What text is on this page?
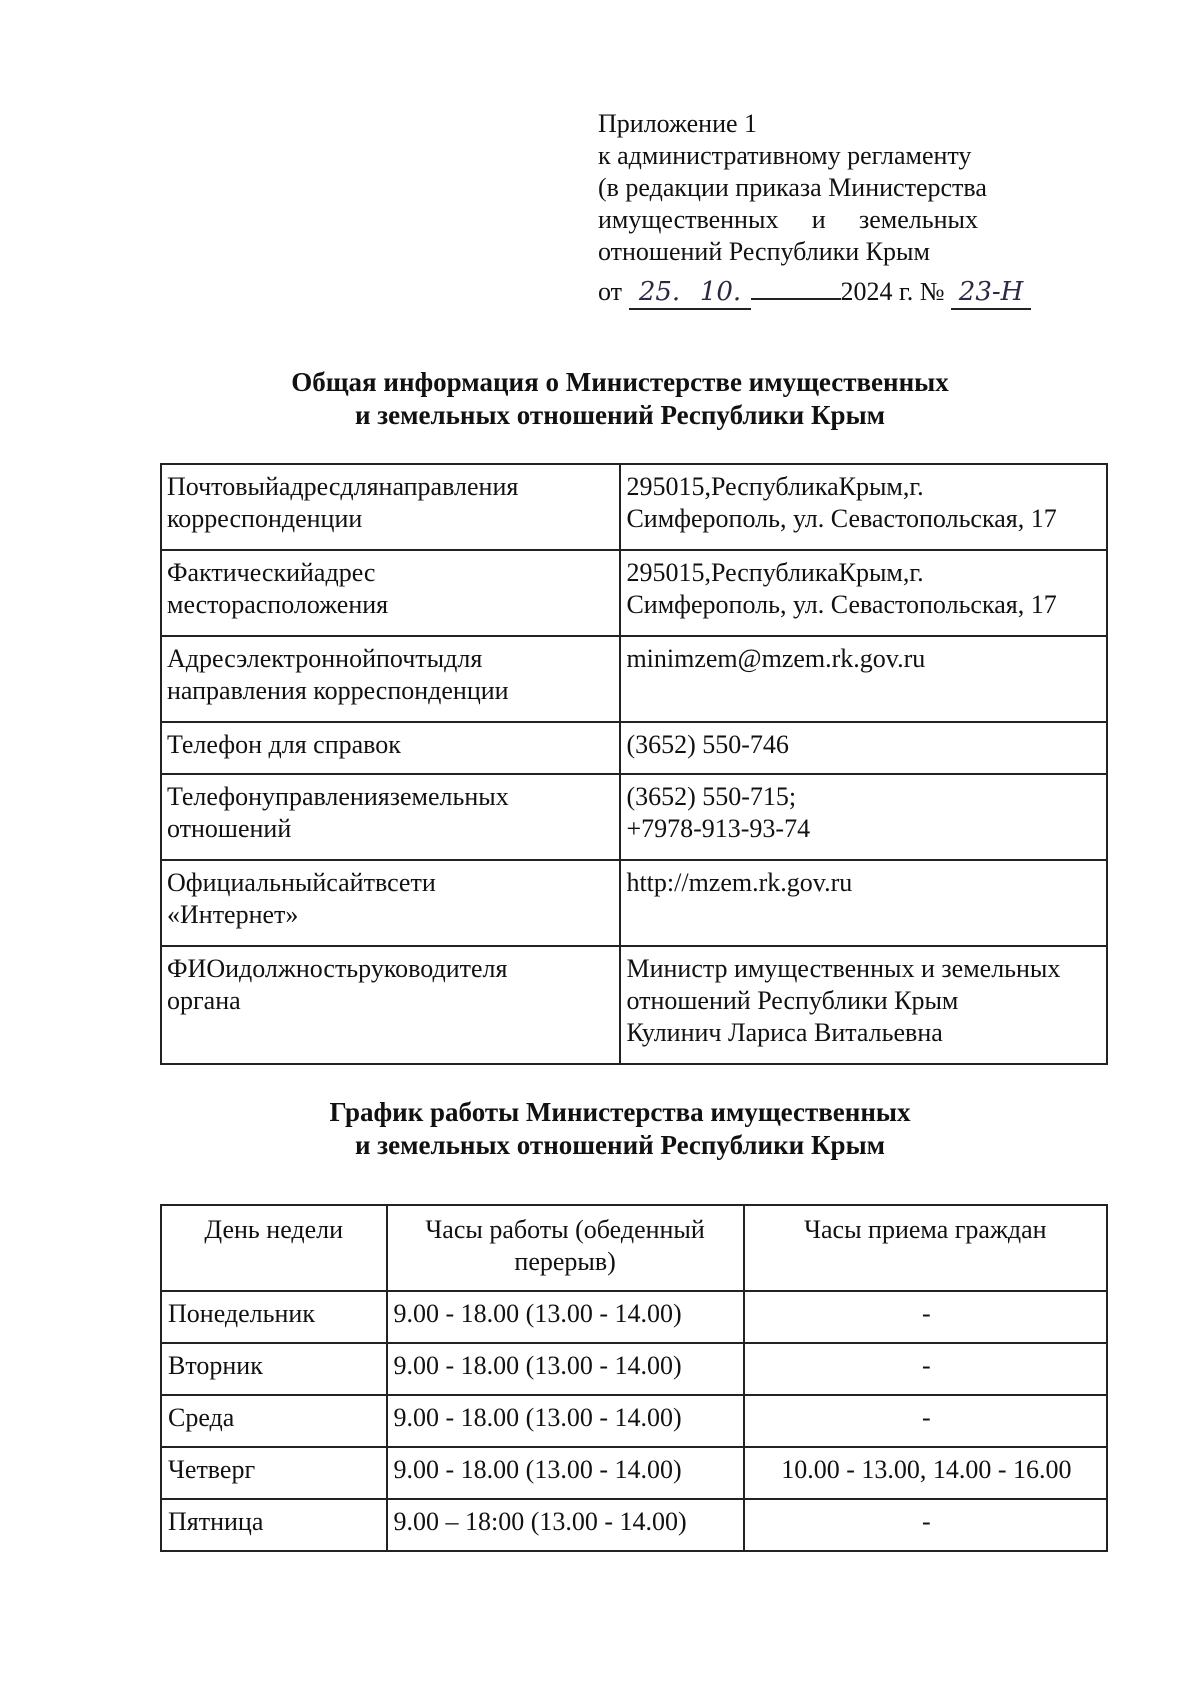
Приложение 1
к административному регламенту
(в редакции приказа Министерства
имущественных и земельных
отношений Республики Крым
от 25. 10.	2024 г. № 23-Н
Общая информация о Министерстве имущественных
и земельных отношений Республики Крым
Почтовыйадресдлянаправления
корреспонденции	295015,РеспубликаКрым,г.
Симферополь, ул. Севастопольская, 17

Фактическийадрес
месторасположения	295015,РеспубликаКрым,г.
Симферополь, ул. Севастопольская, 17

Адресэлектроннойпочтыдля
направления корреспонденции	minimzem@mzem.rk.gov.ru

Телефон для справок	(3652) 550-746

Телефонуправленияземельных
отношений	(3652) 550-715;
+7978-913-93-74

Официальныйсайтвсети
«Интернет»	http://mzem.rk.gov.ru

ФИОидолжностьруководителя
органа	Министр имущественных и земельных
отношений Республики Крым
Кулинич Лариса Витальевна
График работы Министерства имущественных
и земельных отношений Республики Крым
День недели	Часы работы (обеденный перерыв)	Часы приема граждан
Понедельник	9.00 - 18.00 (13.00 - 14.00)	-
Вторник	9.00 - 18.00 (13.00 - 14.00)	-
Среда	9.00 - 18.00 (13.00 - 14.00)	-
Четверг	9.00 - 18.00 (13.00 - 14.00)	10.00 - 13.00, 14.00 - 16.00
Пятница	9.00 – 18:00 (13.00 - 14.00)	-
